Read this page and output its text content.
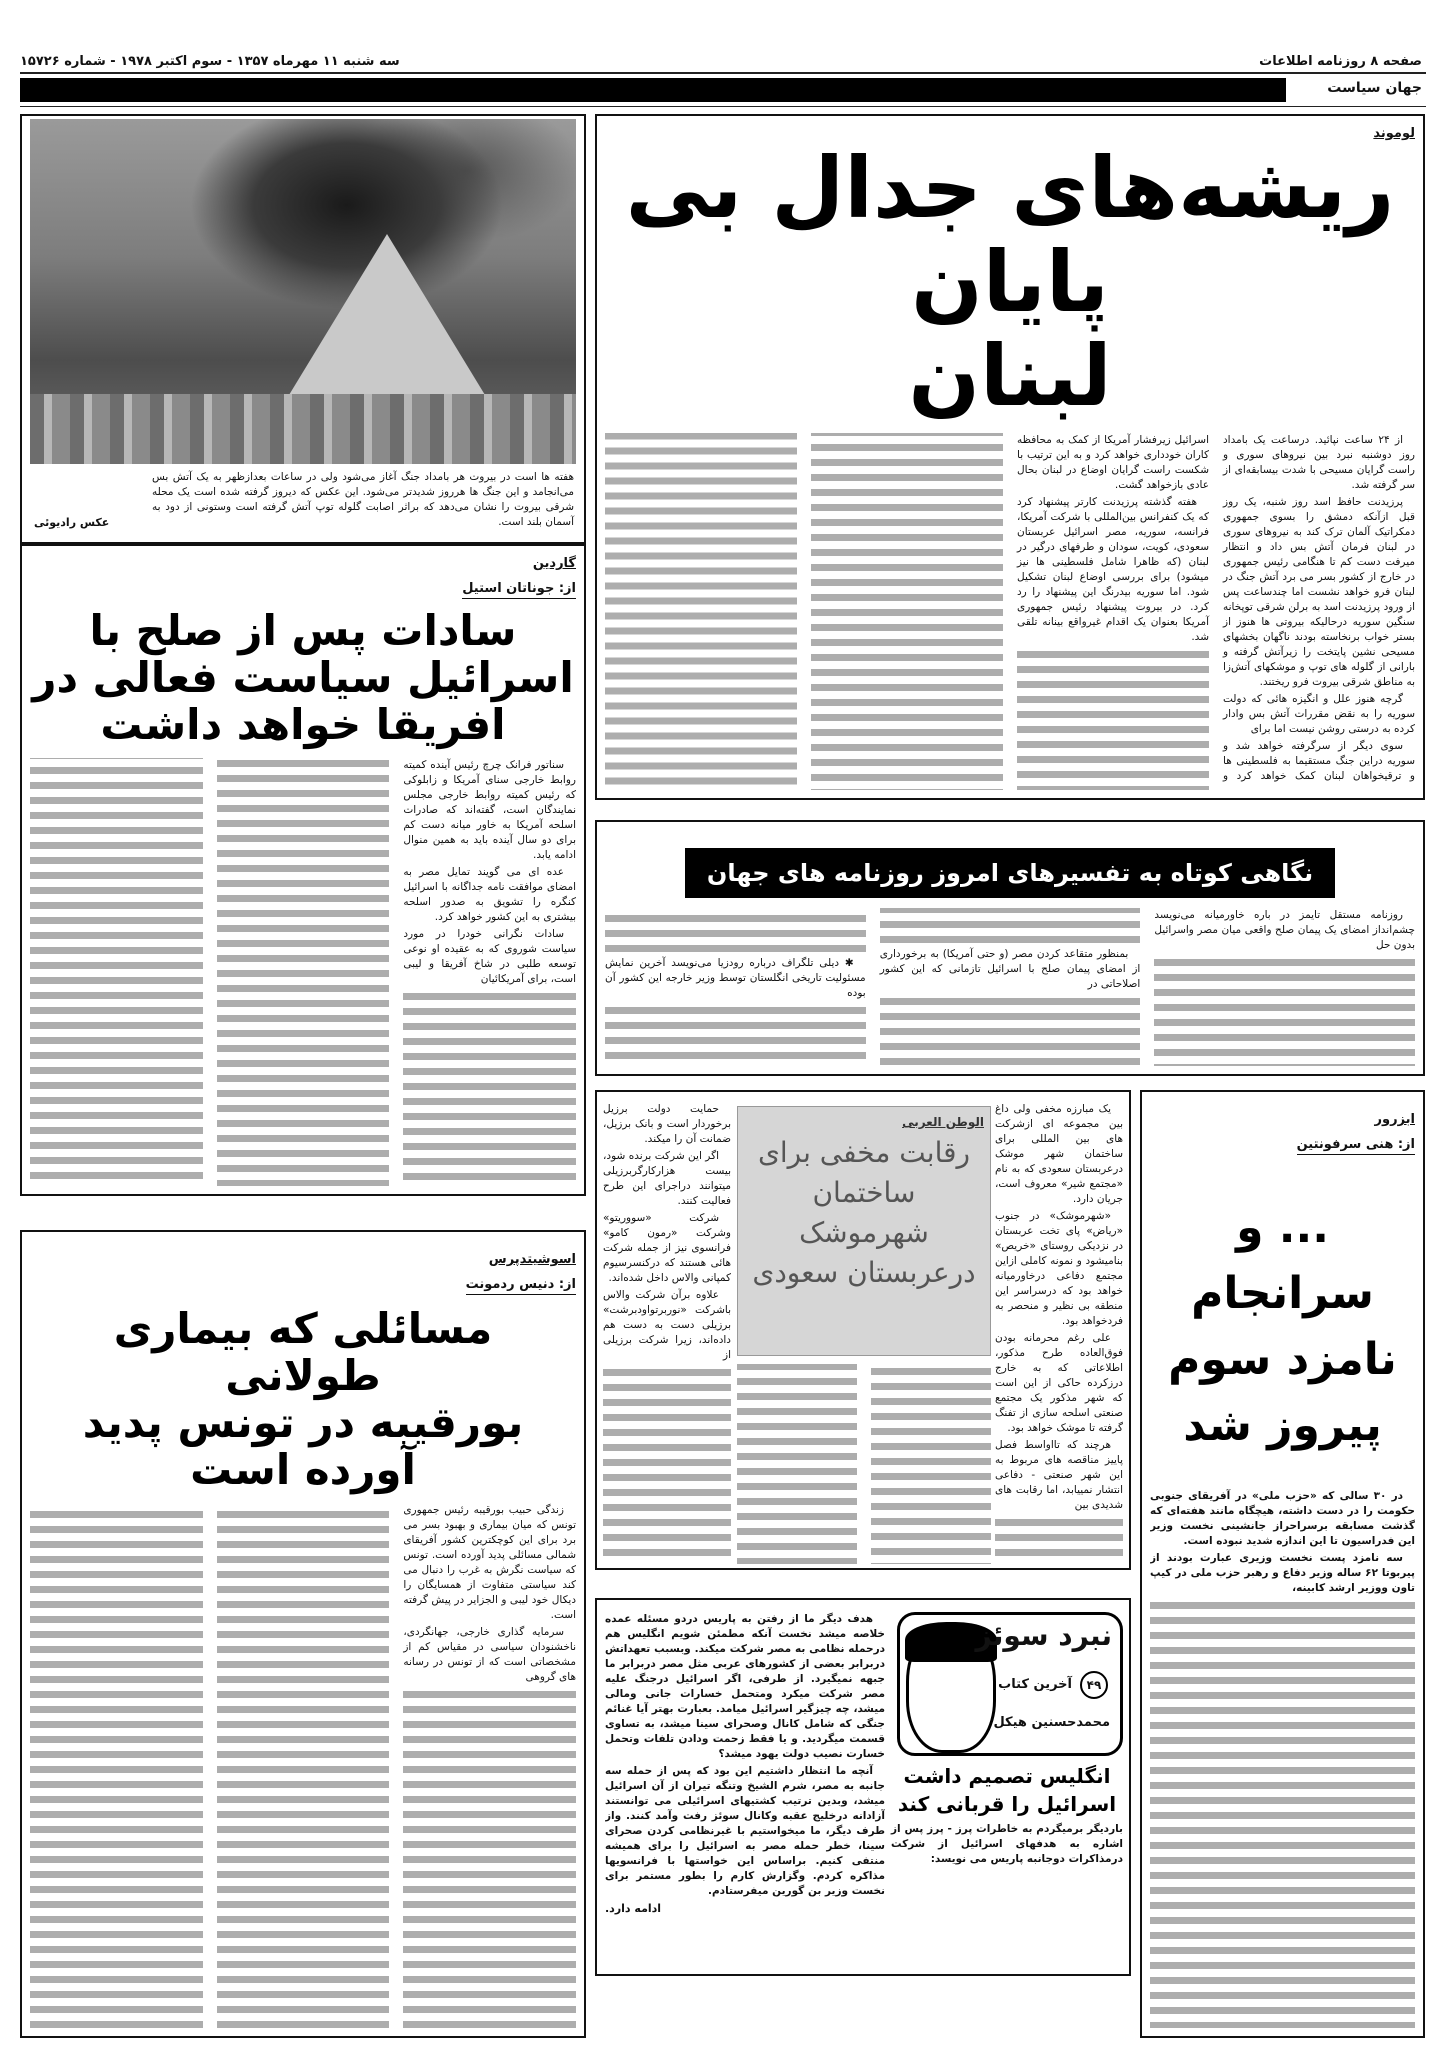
صفحه ۸ روزنامه اطلاعات
سه شنبه ۱۱ مهرماه ۱۳۵۷ - سوم اکتبر ۱۹۷۸ - شماره ۱۵۷۲۶
جهان سیاست
هفته ها است در بیروت هر بامداد جنگ آغاز می‌شود ولی در ساعات بعدازظهر به یک آتش بس می‌انجامد و این جنگ ها هرروز شدیدتر می‌شود. این عکس که دیروز گرفته شده است یک محله شرقی بیروت را نشان می‌دهد که براثر اصابت گلوله توپ آتش گرفته است وستونی از دود به آسمان بلند است.
عکس رادیوئی
لوموند
ریشه‌های جدال بی پایان
لبنان

از ۲۴ ساعت نپائید. درساعت یک بامداد روز دوشنبه نبرد بین نیروهای سوری و راست گرایان مسیحی با شدت بیسابقه‌ای از سر گرفته شد.

پرزیدنت حافظ اسد روز شنبه، یک روز قبل ازآنکه دمشق را بسوی جمهوری دمکراتیک آلمان ترک کند به نیروهای سوری در لبنان فرمان آتش بس داد و انتظار میرفت دست کم تا هنگامی رئیس جمهوری در خارج از کشور بسر می برد آتش جنگ در لبنان فرو خواهد نشست اما چندساعت پس از ورود پرزیدنت اسد به برلن شرقی توپخانه سنگین سوریه درحالیکه بیروتی ها هنوز از بستر خواب برنخاسته بودند ناگهان بخشهای مسیحی نشین پایتخت را زیرآتش گرفته و بارانی از گلوله های توپ و موشکهای آتش‌زا به مناطق شرقی بیروت فرو ریختند.

گرچه هنوز علل و انگیزه هائی که دولت سوریه را به نقض مقررات آتش بس وادار کرده به درستی روشن نیست اما برای

سوی دیگر از سرگرفته خواهد شد و سوریه دراین جنگ مستقیما به فلسطینی ها و ترقیخواهان لبنان کمک خواهد کرد و اسرائیل زیرفشار آمریکا از کمک به محافظه کاران خودداری خواهد کرد و به این ترتیب با شکست راست گرایان اوضاع در لبنان بحال عادی بازخواهد گشت.

هفته گذشته پرزیدنت کارتر پیشنهاد کرد که یک کنفرانس بین‌المللی با شرکت آمریکا، فرانسه، سوریه، مصر اسرائیل عربستان سعودی، کویت، سودان و طرفهای درگیر در لبنان (که ظاهرا شامل فلسطینی ها نیز میشود) برای بررسی اوضاع لبنان تشکیل شود. اما سوریه بیدرنگ این پیشنهاد را رد کرد. در بیروت پیشنهاد رئیس جمهوری آمریکا بعنوان یک اقدام غیرواقع بینانه تلقی شد.

گاردین
از: جوناتان استیل
سادات پس از صلح با اسرائیل سیاست فعالی در افریقا خواهد داشت

سناتور فرانک چرچ رئیس آینده کمیته روابط خارجی سنای آمریکا و زابلوکی که رئیس کمیته روابط خارجی مجلس نمایندگان است، گفته‌اند که صادرات اسلحه آمریکا به خاور میانه دست کم برای دو سال آینده باید به همین منوال ادامه یابد.

عده ای می گویند تمایل مصر به امضای موافقت نامه جداگانه با اسرائیل کنگره را تشویق به صدور اسلحه بیشتری به این کشور خواهد کرد.

سادات نگرانی خودرا در مورد سیاست شوروی که به عقیده او نوعی توسعه طلبی در شاخ آفریقا و لیبی است، برای آمریکائیان

نگاهی کوتاه به تفسیرهای امروز روزنامه های جهان

روزنامه مستقل تایمز در باره خاورمیانه می‌نویسد چشم‌انداز امضای یک پیمان صلح واقعی میان مصر واسرائیل بدون حل

بمنظور متقاعد کردن مصر (و حتی آمریکا) به برخورداری از امضای پیمان صلح با اسرائیل تازمانی که این کشور اصلاحاتی در

✱ دیلی تلگراف درباره رودزیا می‌نویسد آخرین نمایش مسئولیت تاریخی انگلستان توسط وزیر خارجه این کشور آن بوده

یک مبارزه مخفی ولی داغ بین مجموعه ای ازشرکت های بین المللی برای ساختمان شهر موشک درعربستان سعودی که به نام «مجتمع شیر» معروف است، جریان دارد.

«شهرموشک» در جنوب «ریاض» پای تخت عربستان در نزدیکی روستای «خریص» بنامیشود و نمونه کاملی ازاین مجتمع دفاعی درخاورمیانه خواهد بود که درسراسر این منطقه بی نظیر و منحصر به فردخواهد بود.

علی رغم محرمانه بودن فوق‌العاده طرح مذکور، اطلاعاتی که به خارج درزکرده حاکی از این است که شهر مذکور یک مجتمع صنعتی اسلحه سازی از تفنگ گرفته تا موشک خواهد بود.

هرچند که تااواسط فصل پاییز مناقصه های مربوط به این شهر صنعتی - دفاعی انتشار نمییابد، اما رقابت های شدیدی بین

الوطن العربی
رقابت مخفی برای ساختمان شهرموشک درعربستان سعودی

حمایت دولت برزیل برخوردار است و بانک برزیل، ضمانت آن را میکند.

اگر این شرکت برنده شود، بیست هزارکارگربرزیلی میتوانند دراجرای این طرح فعالیت کنند.

شرکت «سووریتو» وشرکت «رمون کامو» فرانسوی نیز از جمله شرکت هائی هستند که درکنسرسیوم کمپانی والاس داخل شده‌اند.

علاوه برآن شرکت والاس باشرکت «نوربرتواودبرشت» برزیلی دست به دست هم داده‌اند، زیرا شرکت برزیلی از

هدف دیگر ما از رفتن به پاریس دردو مسئله عمده خلاصه میشد نخست آنکه مطمئن شویم انگلیس هم درحمله نظامی به مصر شرکت میکند. وبسبب تعهداتش دربرابر بعضی از کشورهای عربی مثل مصر دربرابر ما جبهه نمیگیرد. از طرفی، اگر اسرائیل درجنگ علیه مصر شرکت میکرد ومتحمل خسارات جانی ومالی میشد، چه چیزگیر اسرائیل میامد. بعبارت بهتر آیا غنائم جنگی که شامل کانال وصحرای سینا میشد، به تساوی قسمت میگردید. و یا فقط زحمت ودادن تلفات وتحمل خسارت نصیب دولت یهود میشد؟

آنچه ما انتظار داشتیم این بود که پس از حمله سه جانبه به مصر، شرم الشیخ وتنگه تیران از آن اسرائیل میشد، وبدین ترتیب کشتیهای اسرائیلی می توانستند آزادانه درخلیج عقبه وکانال سوئز رفت وآمد کنند. واز طرف دیگر، ما میخواستیم با غیرنظامی کردن صحرای سینا، خطر حمله مصر به اسرائیل را برای همیشه منتفی کنیم. براساس این خواستها با فرانسویها مذاکره کردم. وگزارش کارم را بطور مستمر برای نخست وزیر بن گورین میفرستادم.

ادامه دارد.
نبرد سوئز
۴۹
آخرین کتاب
محمدحسنین هیکل
انگلیس تصمیم داشت اسرائیل را قربانی کند
باردیگر برمیگردم به خاطرات پرز - پرز پس از اشاره به هدفهای اسرائیل از شرکت درمذاکرات دوجانبه پاریس می نویسد:
اسوشیتدپرس
از: دنیس ردمونت
مسائلی که بیماری طولانی
بورقیبه در تونس پدید
آورده است

زندگی حبیب بورقیبه رئیس جمهوری تونس که میان بیماری و بهبود بسر می برد برای این کوچکترین کشور آفریقای شمالی مسائلی پدید آورده است. تونس که سیاست نگرش به غرب را دنبال می کند سیاستی متفاوت از همسایگان را دیکال خود لیبی و الجزایر در پیش گرفته است.

سرمایه گذاری خارجی، جهانگردی، ناخشنودان سیاسی در مقیاس کم از مشخصاتی است که از تونس در رسانه های گروهی

ابزرور
از: هنی سرفونتین
... و سرانجام
نامزد سوم
پیروز شد

در ۳۰ سالی که «حزب ملی» در آفریقای جنوبی حکومت را در دست داشته، هیچگاه مانند هفته‌ای که گذشت مسابقه برسراحراز جانشینی نخست وزیر این فدراسیون تا این اندازه شدید نبوده است.

سه نامزد پست نخست وزیری عبارت بودند از پیربوتا ۶۲ ساله وزیر دفاع و رهبر حزب ملی در کیپ تاون ووزیر ارشد کابینه،
